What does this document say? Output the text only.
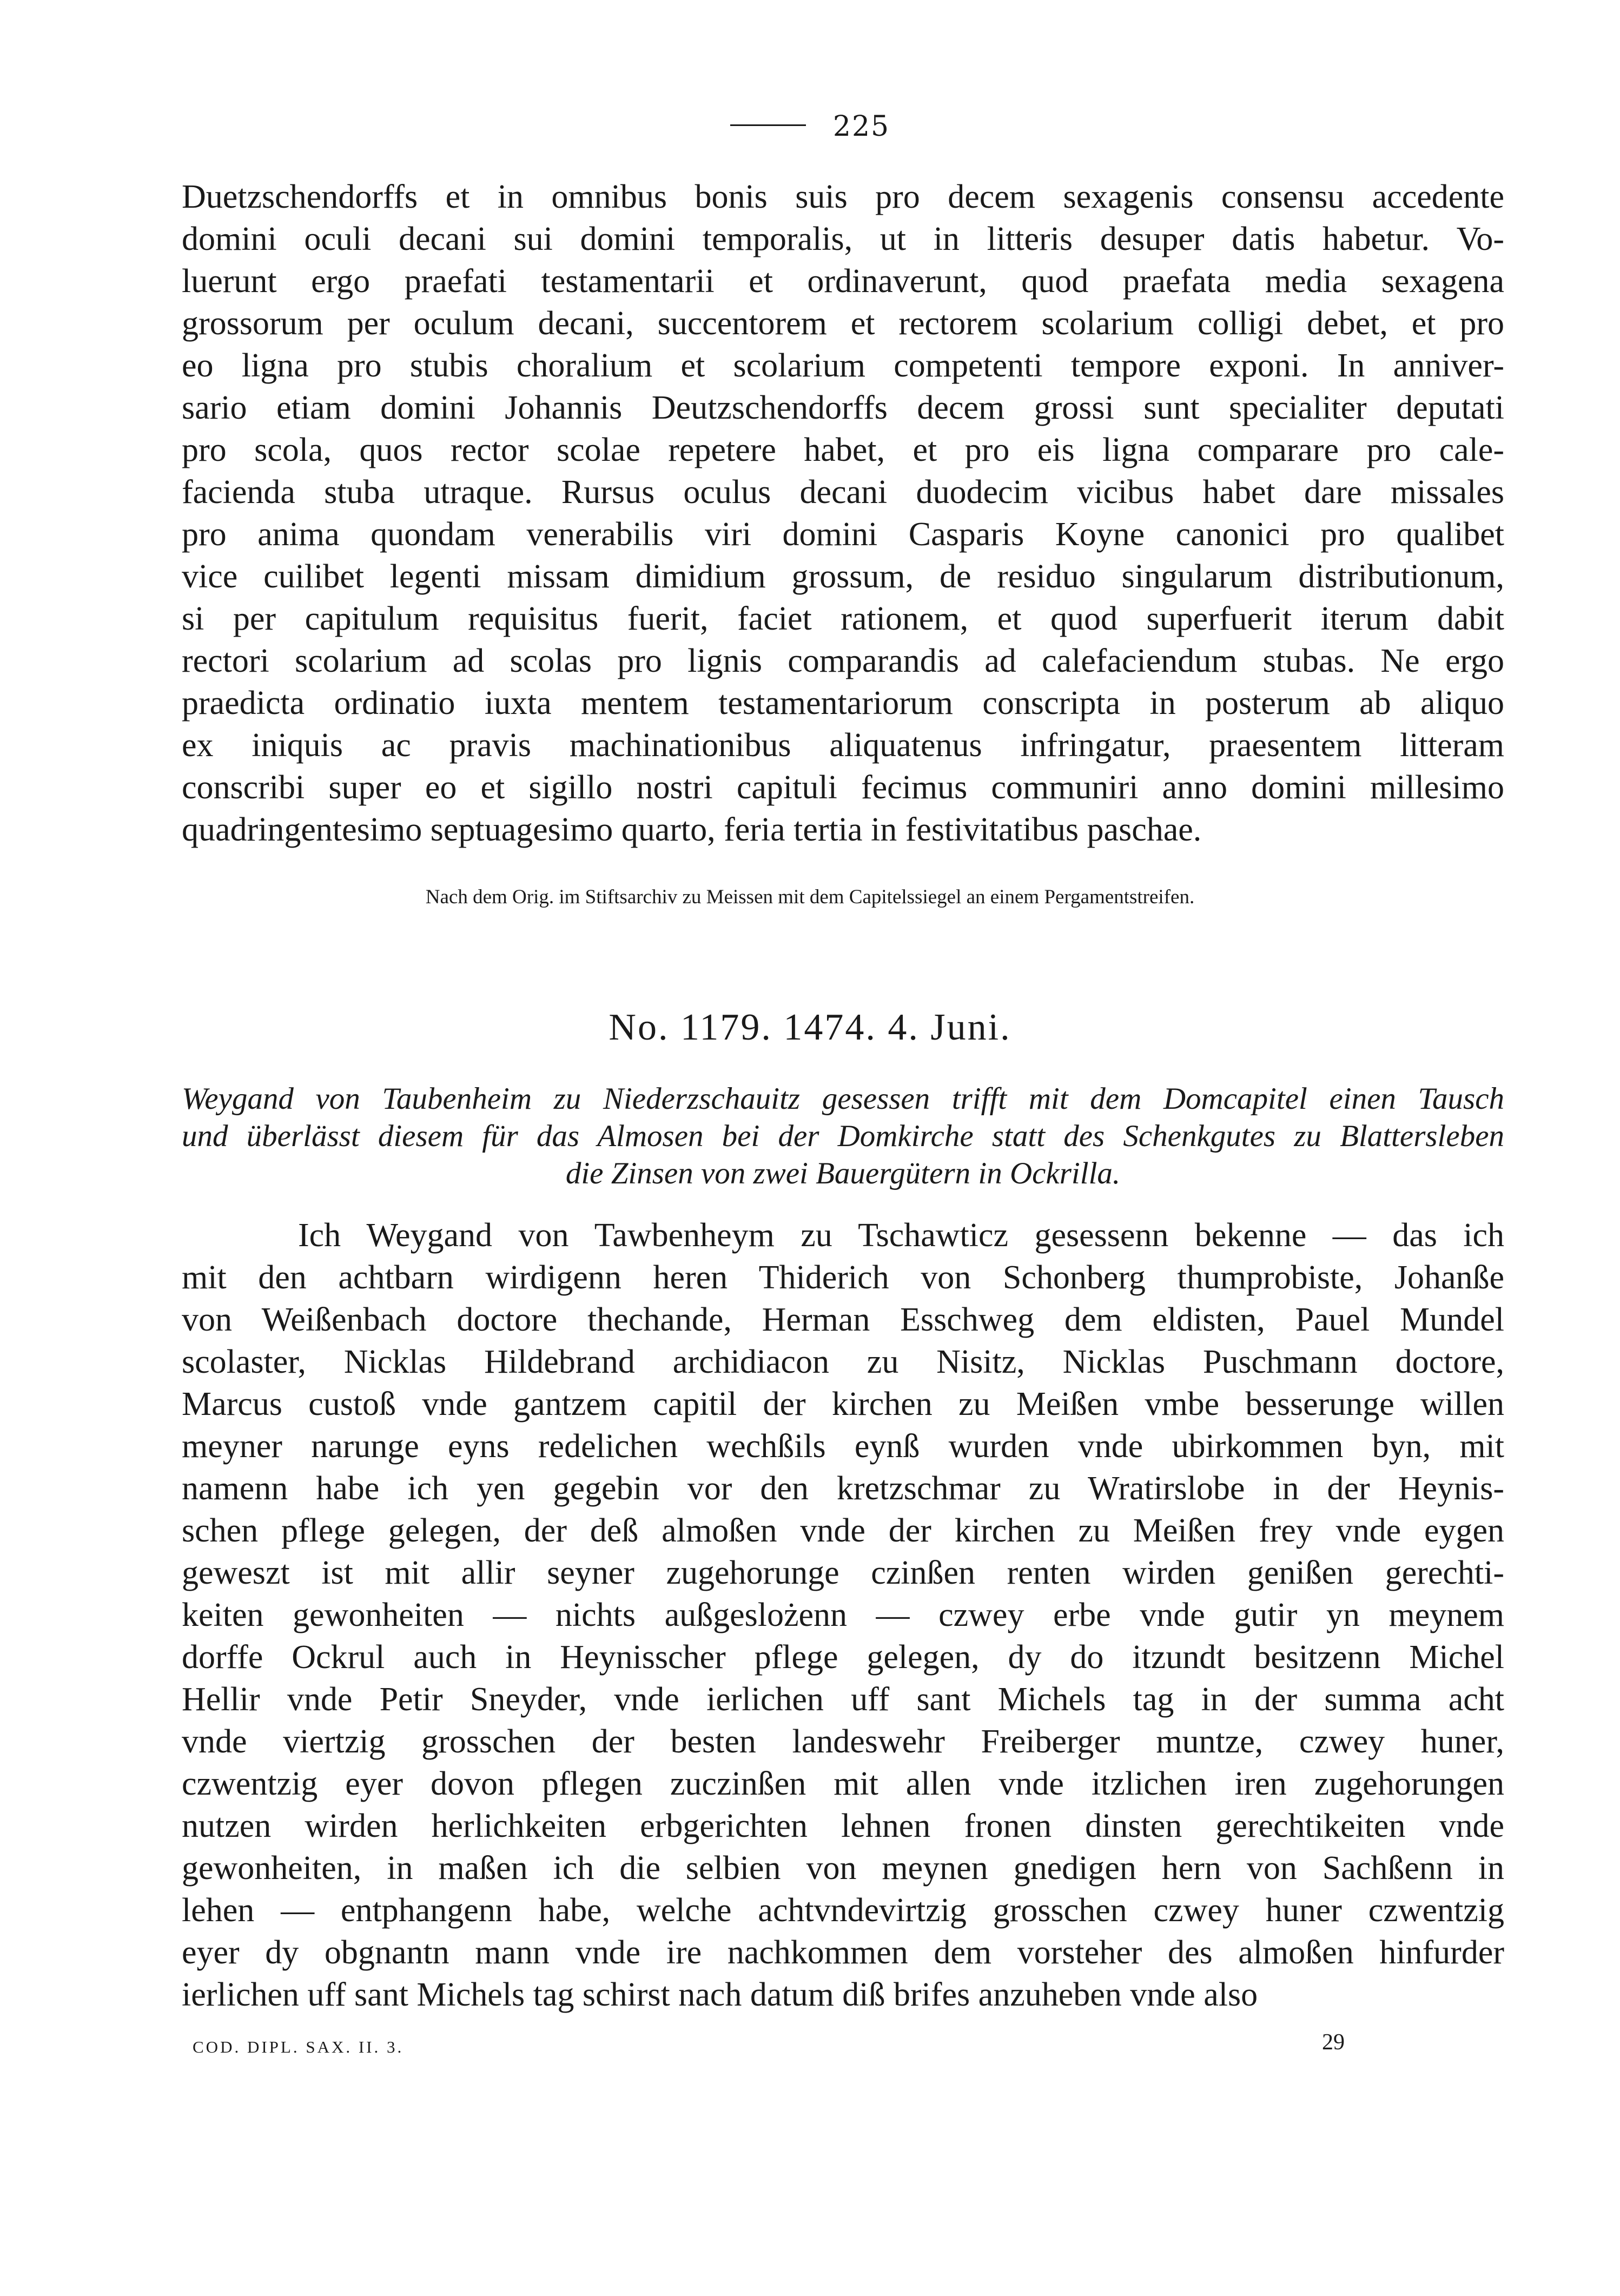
225
Duetzschendorffs et in omnibus bonis suis pro decem sexagenis consensu accedente
domini oculi decani sui domini temporalis, ut in litteris desuper datis habetur. Vo-
luerunt ergo praefati testamentarii et ordinaverunt, quod praefata media sexagena
grossorum per oculum decani, succentorem et rectorem scolarium colligi debet, et pro
eo ligna pro stubis choralium et scolarium competenti tempore exponi. In anniver-
sario etiam domini Johannis Deutzschendorffs decem grossi sunt specialiter deputati
pro scola, quos rector scolae repetere habet, et pro eis ligna comparare pro cale-
facienda stuba utraque. Rursus oculus decani duodecim vicibus habet dare missales
pro anima quondam venerabilis viri domini Casparis Koyne canonici pro qualibet
vice cuilibet legenti missam dimidium grossum, de residuo singularum distributionum,
si per capitulum requisitus fuerit, faciet rationem, et quod superfuerit iterum dabit
rectori scolarium ad scolas pro lignis comparandis ad calefaciendum stubas. Ne ergo
praedicta ordinatio iuxta mentem testamentariorum conscripta in posterum ab aliquo
ex iniquis ac pravis machinationibus aliquatenus infringatur, praesentem litteram
conscribi super eo et sigillo nostri capituli fecimus communiri anno domini millesimo
quadringentesimo septuagesimo quarto, feria tertia in festivitatibus paschae.
Nach dem Orig. im Stiftsarchiv zu Meissen mit dem Capitelssiegel an einem Pergamentstreifen.
No. 1179. 1474. 4. Juni.
Weygand von Taubenheim zu Niederzschauitz gesessen trifft mit dem Domcapitel einen Tausch
und überlässt diesem für das Almosen bei der Domkirche statt des Schenkgutes zu Blattersleben
die Zinsen von zwei Bauergütern in Ockrilla.
Ich Weygand von Tawbenheym zu Tschawticz gesessenn bekenne — das ich
mit den achtbarn wirdigenn heren Thiderich von Schonberg thumprobiste, Johanße
von Weißenbach doctore thechande, Herman Esschweg dem eldisten, Pauel Mundel
scolaster, Nicklas Hildebrand archidiacon zu Nisitz, Nicklas Puschmann doctore,
Marcus custoß vnde gantzem capitil der kirchen zu Meißen vmbe besserunge willen
meyner narunge eyns redelichen wechßils eynß wurden vnde ubirkommen byn, mit
namenn habe ich yen gegebin vor den kretzschmar zu Wratirslobe in der Heynis-
schen pflege gelegen, der deß almoßen vnde der kirchen zu Meißen frey vnde eygen
geweszt ist mit allir seyner zugehorunge czinßen renten wirden genißen gerechti-
keiten gewonheiten — nichts außgeslożenn — czwey erbe vnde gutir yn meynem
dorffe Ockrul auch in Heynisscher pflege gelegen, dy do itzundt besitzenn Michel
Hellir vnde Petir Sneyder, vnde ierlichen uff sant Michels tag in der summa acht
vnde viertzig grosschen der besten landeswehr Freiberger muntze, czwey huner,
czwentzig eyer dovon pflegen zuczinßen mit allen vnde itzlichen iren zugehorungen
nutzen wirden herlichkeiten erbgerichten lehnen fronen dinsten gerechtikeiten vnde
gewonheiten, in maßen ich die selbien von meynen gnedigen hern von Sachßenn in
lehen — entphangenn habe, welche achtvndevirtzig grosschen czwey huner czwentzig
eyer dy obgnantn mann vnde ire nachkommen dem vorsteher des almoßen hinfurder
ierlichen uff sant Michels tag schirst nach datum diß brifes anzuheben vnde also
COD. DIPL. SAX. II. 3.	29
